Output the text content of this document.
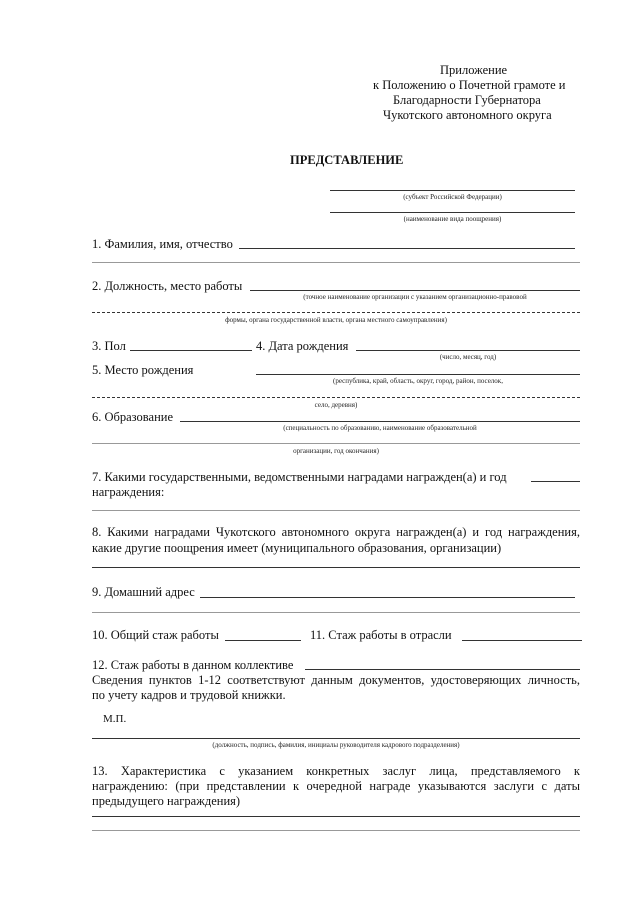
Приложение
к Положению о Почетной грамоте и
Благодарности Губернатора
Чукотского автономного округа
ПРЕДСТАВЛЕНИЕ
(субъект Российской Федерации)
(наименование вида поощрения)
1. Фамилия, имя, отчество
2. Должность, место работы
(точное наименование организации с указанием организационно-правовой
формы, органа государственной власти, органа местного самоуправления)
3. Пол	4. Дата рождения
(число, месяц, год)
5. Место рождения
(республика, край, область, округ, город, район, поселок,
село, деревня)
6. Образование
(специальность по образованию, наименование образовательной
организации, год окончания)
7. Какими государственными, ведомственными наградами награжден(а) и год
награждения:
8. Какими наградами Чукотского автономного округа награжден(а) и год награждения,
какие другие поощрения имеет (муниципального образования, организации)
9. Домашний адрес
10. Общий стаж работы	11. Стаж работы в отрасли
12. Стаж работы в данном коллективе
Сведения пунктов 1-12 соответствуют данным документов, удостоверяющих личность,
по учету кадров и трудовой книжки.
М.П.
(должность, подпись, фамилия, инициалы руководителя кадрового подразделения)
13. Характеристика с указанием конкретных заслуг лица, представляемого к
награждению: (при представлении к очередной награде указываются заслуги с даты
предыдущего награждения)
